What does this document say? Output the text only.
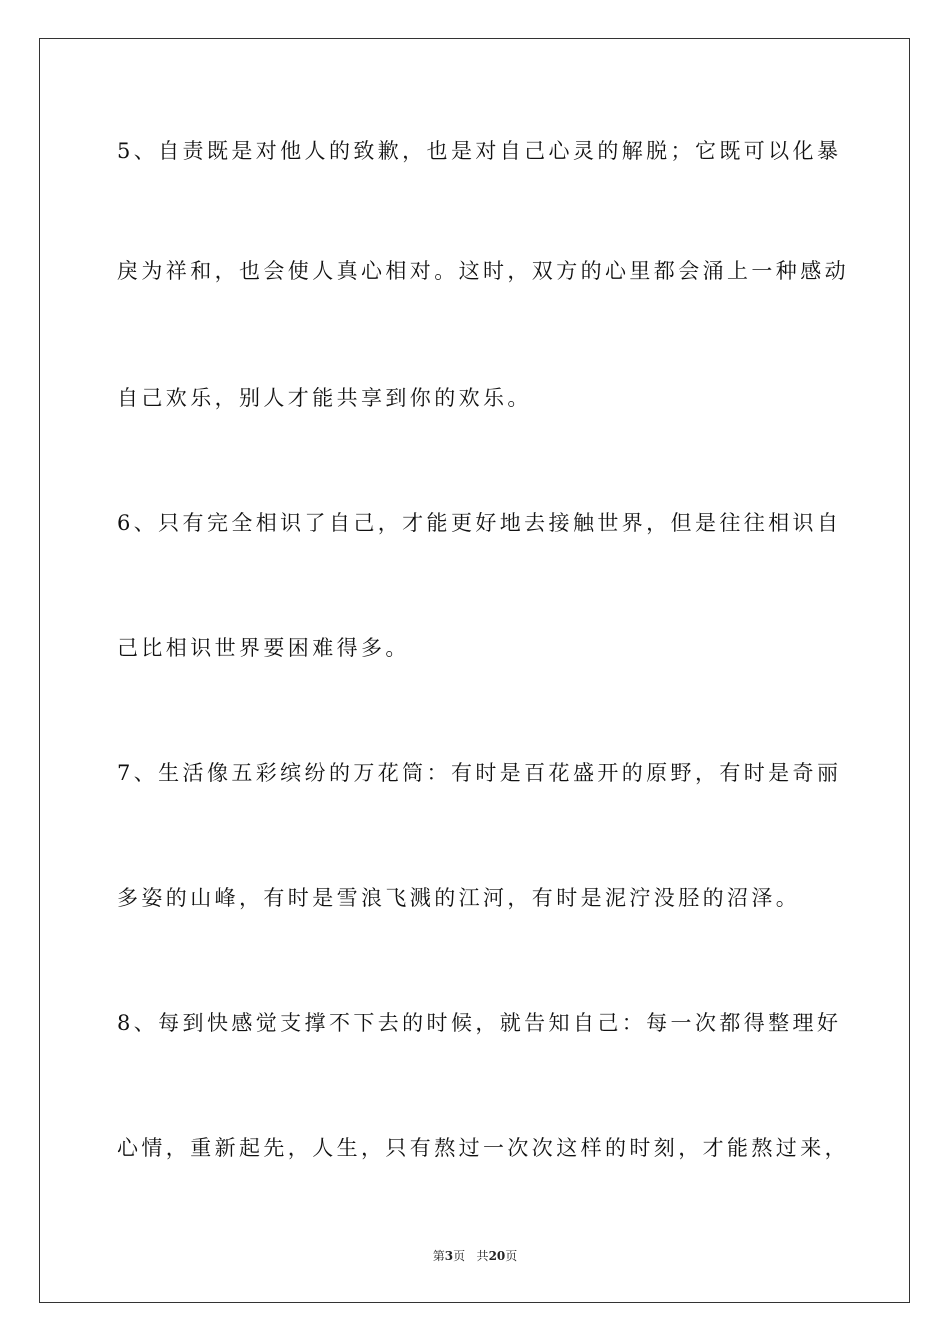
5、自责既是对他人的致歉，也是对自己心灵的解脱；它既可以化暴
戾为祥和，也会使人真心相对。这时，双方的心里都会涌上一种感动
自己欢乐，别人才能共享到你的欢乐。
6、只有完全相识了自己，才能更好地去接触世界，但是往往相识自
己比相识世界要困难得多。
7、生活像五彩缤纷的万花筒：有时是百花盛开的原野，有时是奇丽
多姿的山峰，有时是雪浪飞溅的江河，有时是泥泞没胫的沼泽。
8、每到快感觉支撑不下去的时候，就告知自己：每一次都得整理好
心情，重新起先，人生，只有熬过一次次这样的时刻，才能熬过来，
第3页 共20页
